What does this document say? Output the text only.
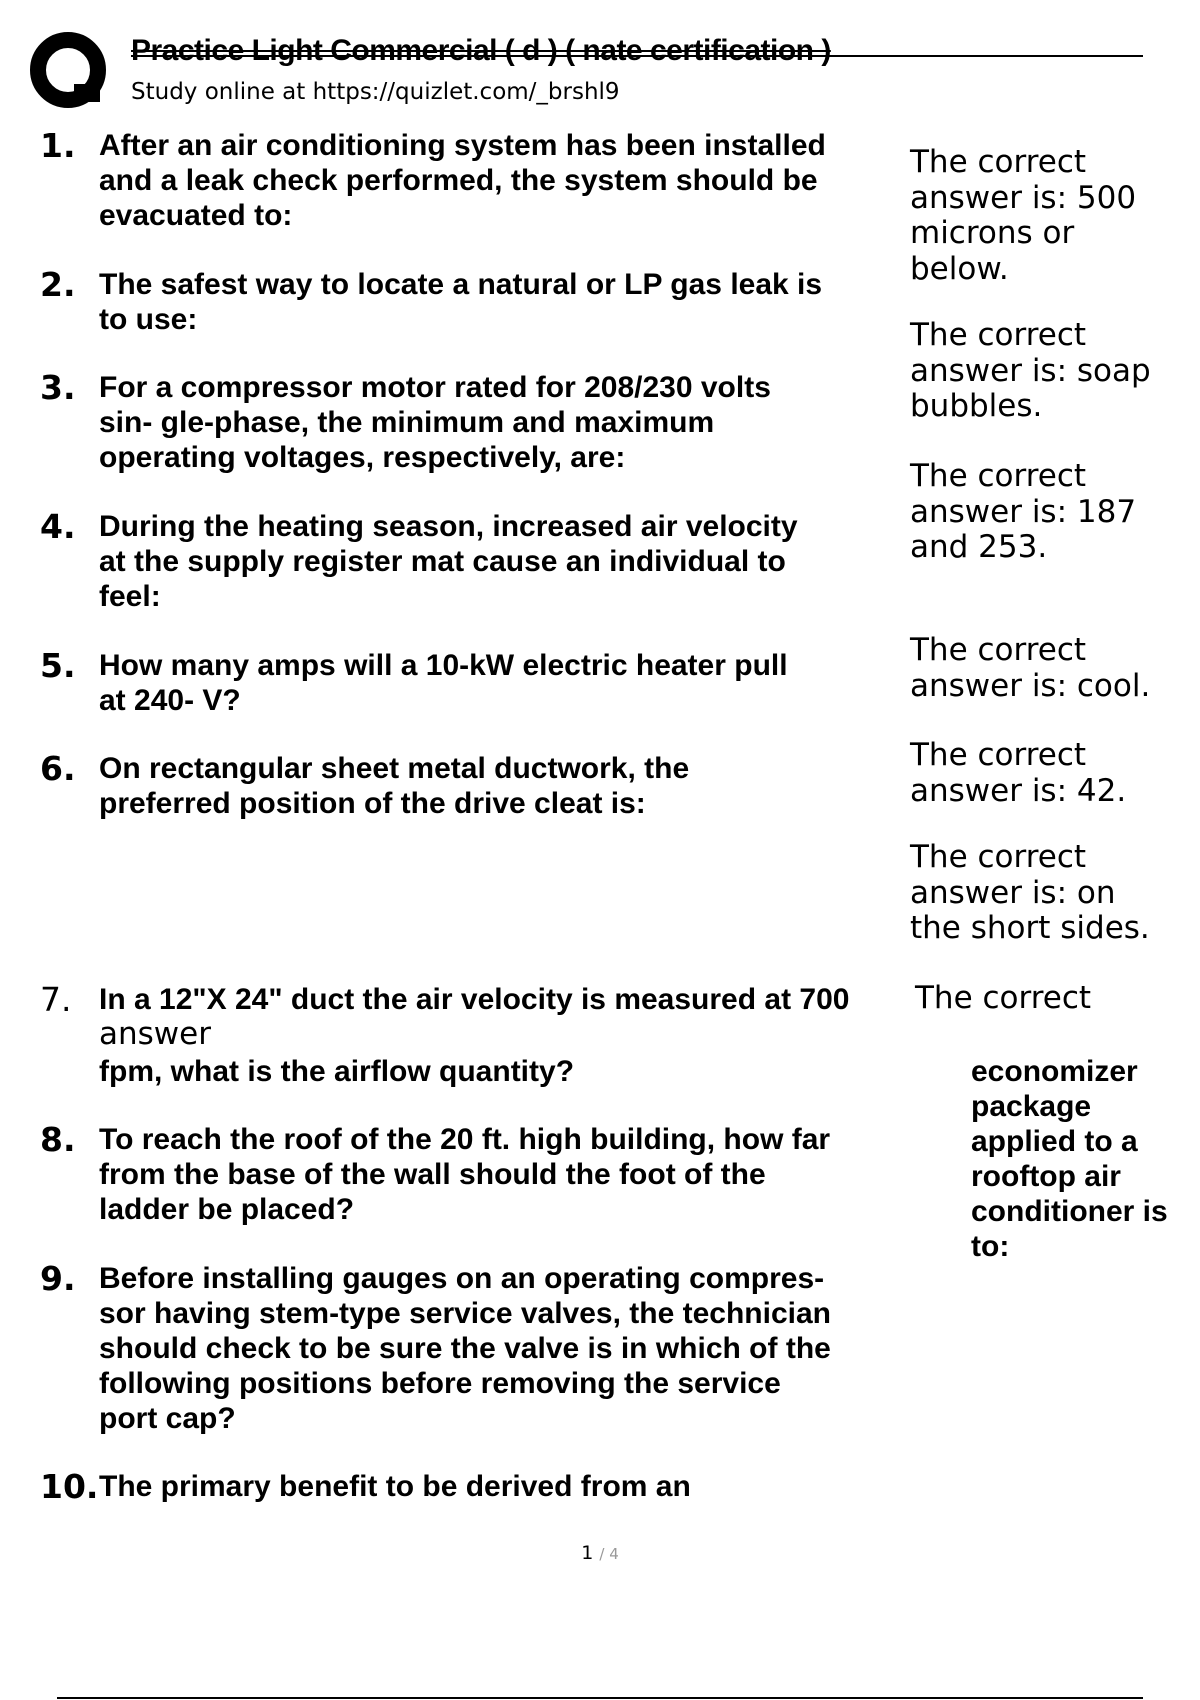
Practice Light Commercial ( d ) ( nate certification )
Study online at https://quizlet.com/_brshl9
1. After an air conditioning system has been installed
and a leak check performed, the system should be
evacuated to:
2. The safest way to locate a natural or LP gas leak is
to use:
3. For a compressor motor rated for 208/230 volts
sin- gle-phase, the minimum and maximum
operating voltages, respectively, are:
4. During the heating season, increased air velocity
at the supply register mat cause an individual to
feel:
5. How many amps will a 10-kW electric heater pull
at 240- V?
6. On rectangular sheet metal ductwork, the
preferred position of the drive cleat is:
7. In a 12"X 24" duct the air velocity is measured at 700 The correct
answer
fpm, what is the airflow quantity?
8. To reach the roof of the 20 ft. high building, how far
from the base of the wall should the foot of the
ladder be placed?
9. Before installing gauges on an operating compres-
sor having stem-type service valves, the technician
should check to be sure the valve is in which of the
following positions before removing the service
port cap?
10. The primary benefit to be derived from an
The correct
answer is: 500
microns or
below.
The correct
answer is: soap
bubbles.
The correct
answer is: 187
and 253.
The correct
answer is: cool.
The correct
answer is: 42.
The correct
answer is: on
the short sides.
economizer
package
applied to a
rooftop air
conditioner is
to:
1 / 4
